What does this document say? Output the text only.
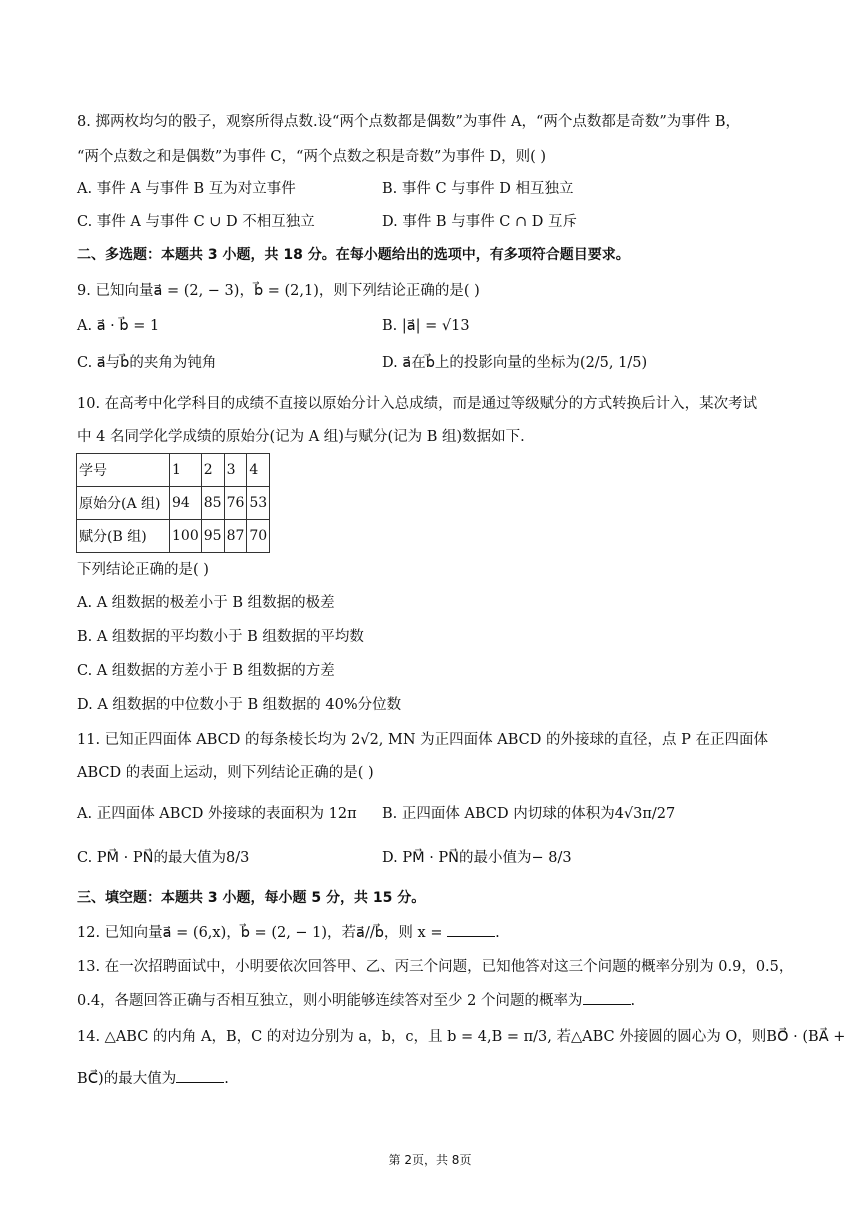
8. 掷两枚均匀的骰子，观察所得点数.设“两个点数都是偶数”为事件 A，“两个点数都是奇数”为事件 B，
“两个点数之和是偶数”为事件 C，“两个点数之积是奇数”为事件 D，则( )
A. 事件 A 与事件 B 互为对立事件	B. 事件 C 与事件 D 相互独立
C. 事件 A 与事件 C ∪ D 不相互独立	D. 事件 B 与事件 C ∩ D 互斥
二、多选题：本题共 3 小题，共 18 分。在每小题给出的选项中，有多项符合题目要求。
9. 已知向量a⃗ = (2, − 3)，b⃗ = (2,1)，则下列结论正确的是( )
A. a⃗ · b⃗ = 1	B. |a⃗| = √13
C. a⃗与b⃗的夹角为钝角	D. a⃗在b⃗上的投影向量的坐标为(2/5, 1/5)
10. 在高考中化学科目的成绩不直接以原始分计入总成绩，而是通过等级赋分的方式转换后计入，某次考试
中 4 名同学化学成绩的原始分(记为 A 组)与赋分(记为 B 组)数据如下.
学号	1	2	3	4
原始分(A 组)	94	85	76	53
赋分(B 组)	100	95	87	70
下列结论正确的是( )
A. A 组数据的极差小于 B 组数据的极差
B. A 组数据的平均数小于 B 组数据的平均数
C. A 组数据的方差小于 B 组数据的方差
D. A 组数据的中位数小于 B 组数据的 40%分位数
11. 已知正四面体 ABCD 的每条棱长均为 2√2, MN 为正四面体 ABCD 的外接球的直径，点 P 在正四面体
ABCD 的表面上运动，则下列结论正确的是( )
A. 正四面体 ABCD 外接球的表面积为 12π B. 正四面体 ABCD 内切球的体积为4√3π/27
C. PM⃗ · PN⃗的最大值为8/3	D. PM⃗ · PN⃗的最小值为− 8/3
三、填空题：本题共 3 小题，每小题 5 分，共 15 分。
12. 已知向量a⃗ = (6,x)，b⃗ = (2, − 1)，若a⃗//b⃗，则 x =	.
13. 在一次招聘面试中，小明要依次回答甲、乙、丙三个问题，已知他答对这三个问题的概率分别为 0.9，0.5，
0.4，各题回答正确与否相互独立，则小明能够连续答对至少 2 个问题的概率为	.
14. △ABC 的内角 A，B，C 的对边分别为 a，b，c，且 b = 4,B = π/3, 若△ABC 外接圆的圆心为 O，则BO⃗ · (BA⃗ +
BC⃗)的最大值为	.
第 2页，共 8页
